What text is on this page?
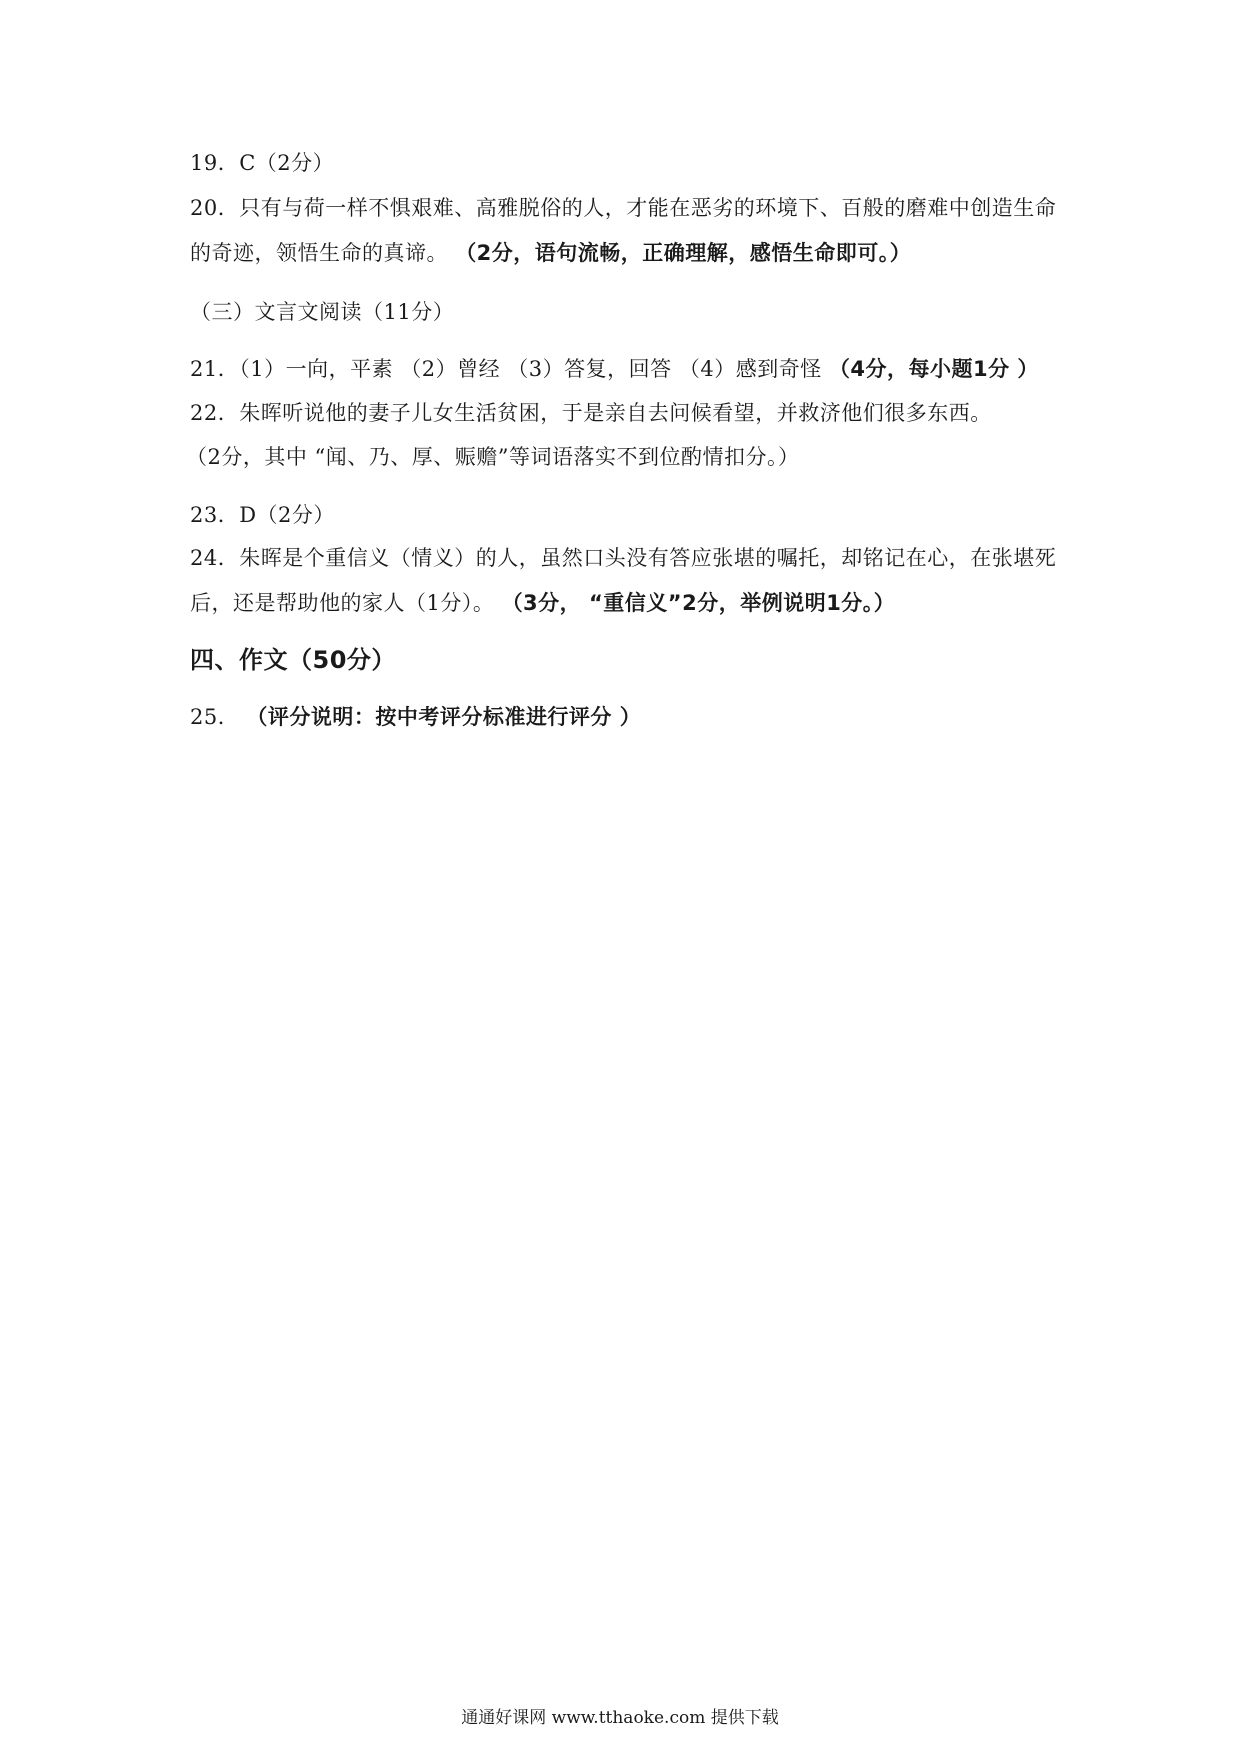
19．C（2分）
20．只有与荷一样不惧艰难、高雅脱俗的人，才能在恶劣的环境下、百般的磨难中创造生命
的奇迹，领悟生命的真谛。 （2分，语句流畅，正确理解，感悟生命即可。）
（三）文言文阅读（11分）
21．（1）一向，平素 （2）曾经 （3）答复，回答 （4）感到奇怪 （4分，每小题1分 ）
22．朱晖听说他的妻子儿女生活贫困，于是亲自去问候看望，并救济他们很多东西。
（2分，其中 “闻、乃、厚、赈赡”等词语落实不到位酌情扣分。）
23．D（2分）
24．朱晖是个重信义（情义）的人，虽然口头没有答应张堪的嘱托，却铭记在心，在张堪死
后，还是帮助他的家人（1分）。 （3分， “重信义”2分，举例说明1分。）
四、作文（50分）
25． （评分说明：按中考评分标准进行评分 ）
通通好课网 www.tthaoke.com 提供下载
